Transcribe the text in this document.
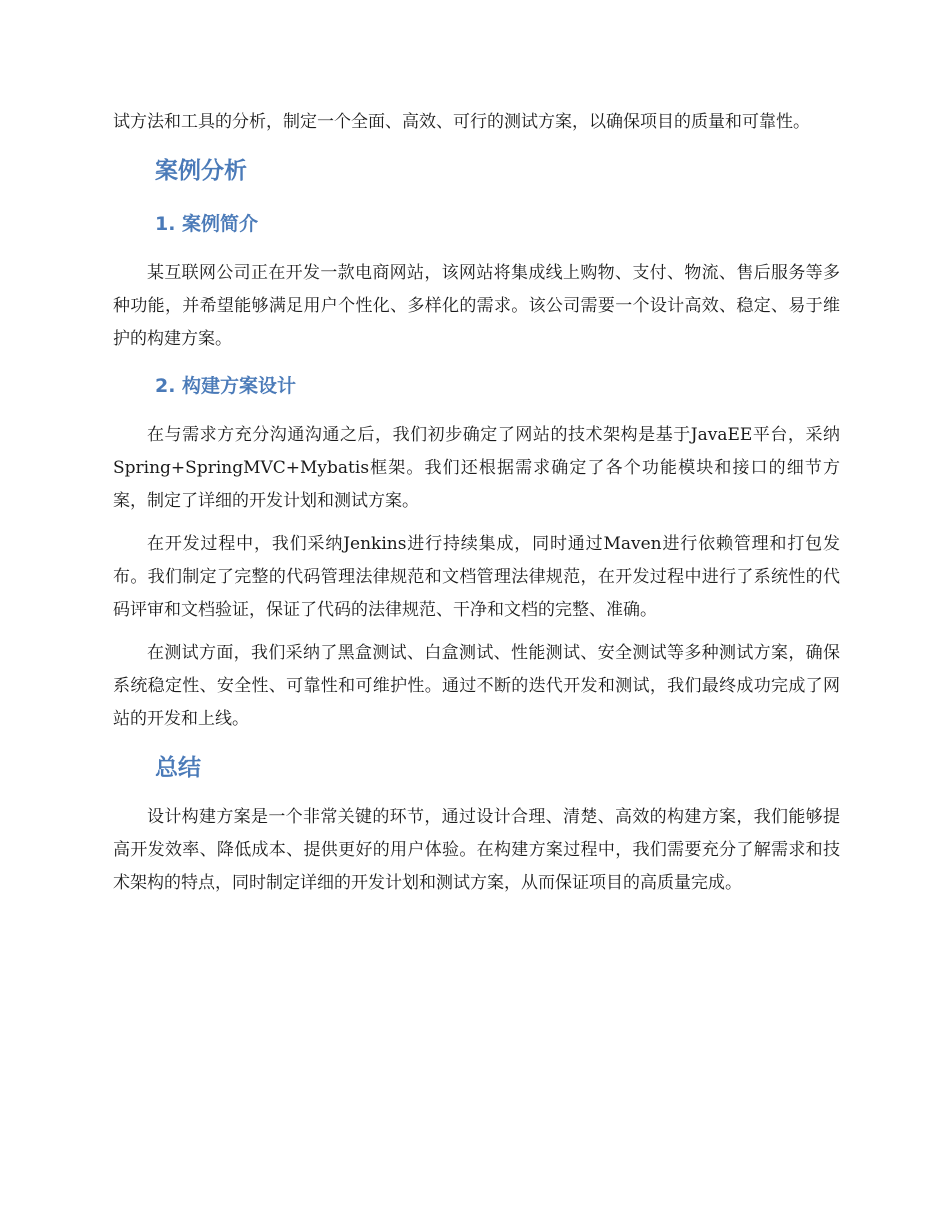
试方法和工具的分析，制定一个全面、高效、可行的测试方案，以确保项目的质量和可靠性。

案例分析
1. 案例简介

某互联网公司正在开发一款电商网站，该网站将集成线上购物、支付、物流、售后服务等多种功能，并希望能够满足用户个性化、多样化的需求。该公司需要一个设计高效、稳定、易于维护的构建方案。

2. 构建方案设计

在与需求方充分沟通沟通之后，我们初步确定了网站的技术架构是基于JavaEE平台，采纳Spring+SpringMVC+Mybatis框架。我们还根据需求确定了各个功能模块和接口的细节方案，制定了详细的开发计划和测试方案。

在开发过程中，我们采纳Jenkins进行持续集成，同时通过Maven进行依赖管理和打包发布。我们制定了完整的代码管理法律规范和文档管理法律规范，在开发过程中进行了系统性的代码评审和文档验证，保证了代码的法律规范、干净和文档的完整、准确。

在测试方面，我们采纳了黑盒测试、白盒测试、性能测试、安全测试等多种测试方案，确保系统稳定性、安全性、可靠性和可维护性。通过不断的迭代开发和测试，我们最终成功完成了网站的开发和上线。

总结

设计构建方案是一个非常关键的环节，通过设计合理、清楚、高效的构建方案，我们能够提高开发效率、降低成本、提供更好的用户体验。在构建方案过程中，我们需要充分了解需求和技术架构的特点，同时制定详细的开发计划和测试方案，从而保证项目的高质量完成。
